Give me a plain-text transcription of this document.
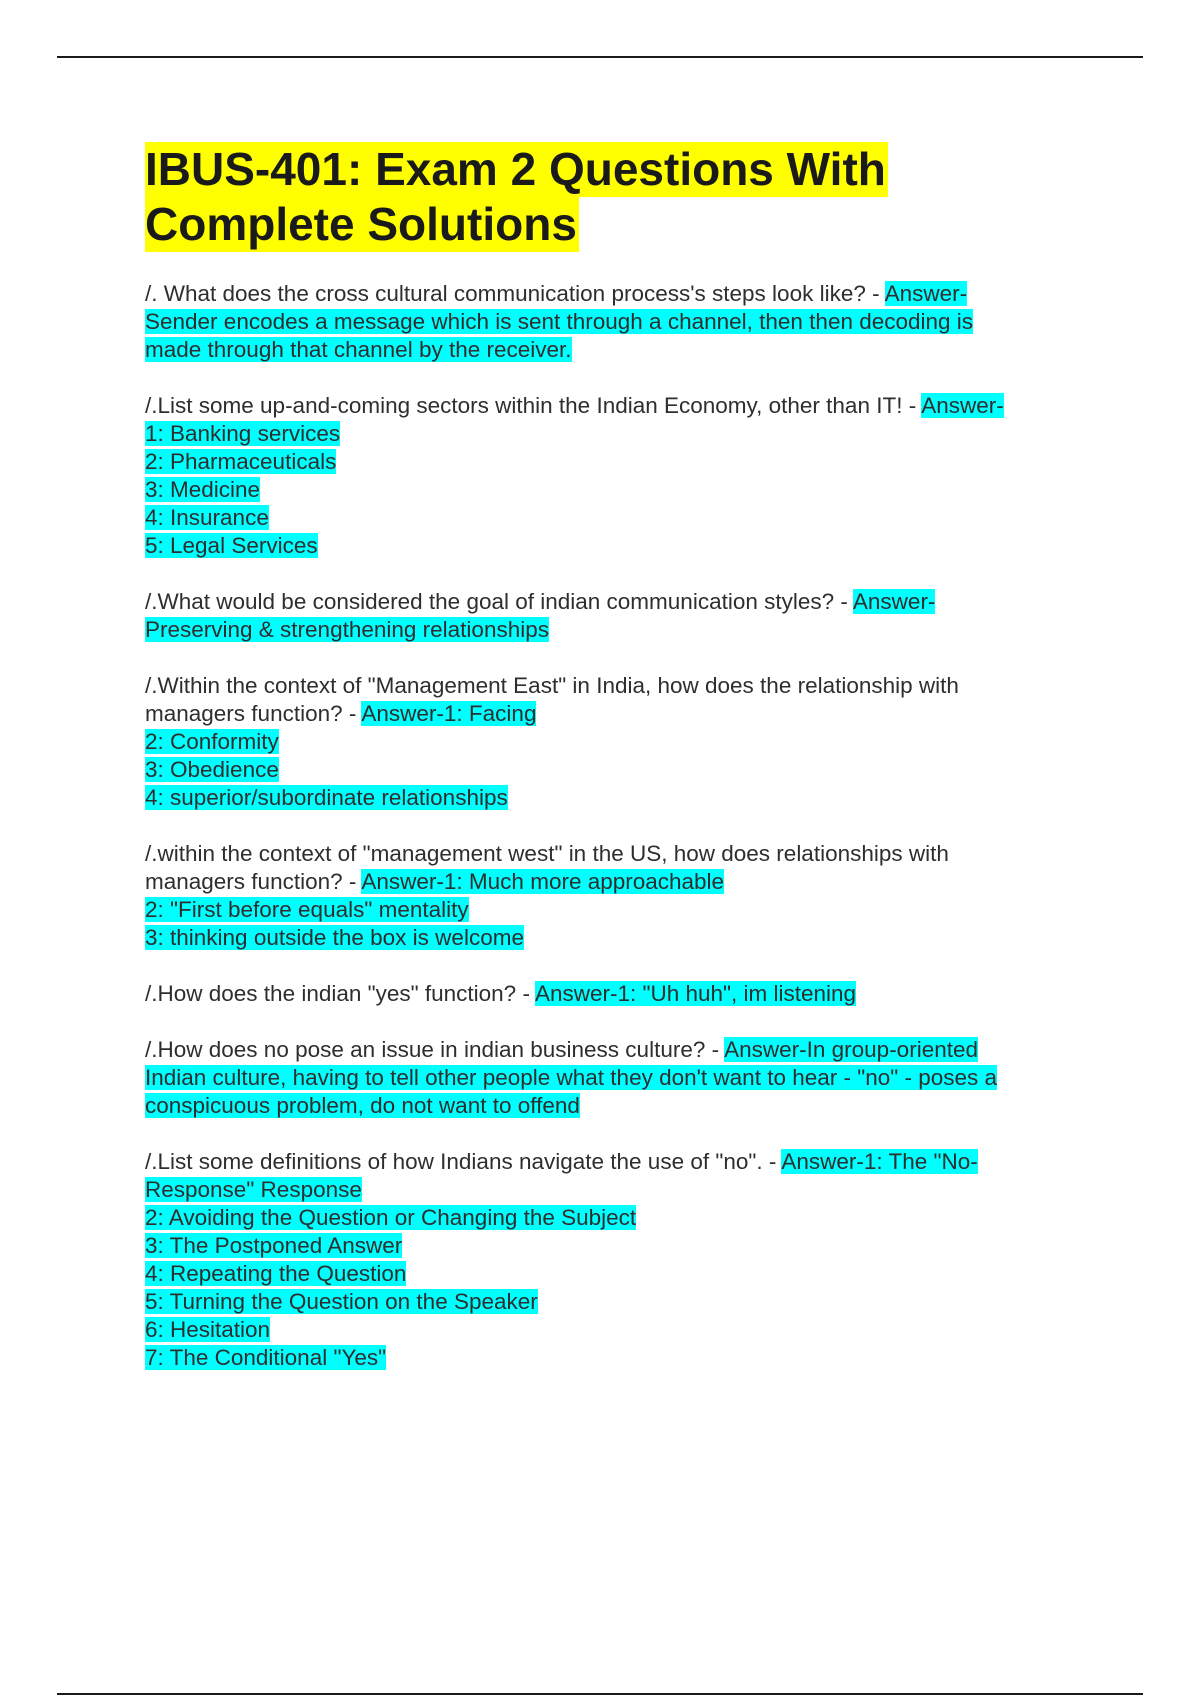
IBUS-401: Exam 2 Questions With
Complete Solutions
/. What does the cross cultural communication process's steps look like? - Answer-
Sender encodes a message which is sent through a channel, then then decoding is
made through that channel by the receiver.
/.List some up-and-coming sectors within the Indian Economy, other than IT! - Answer-
1: Banking services
2: Pharmaceuticals
3: Medicine
4: Insurance
5: Legal Services
/.What would be considered the goal of indian communication styles? - Answer-
Preserving & strengthening relationships
/.Within the context of "Management East" in India, how does the relationship with
managers function? - Answer-1: Facing
2: Conformity
3: Obedience
4: superior/subordinate relationships
/.within the context of "management west" in the US, how does relationships with
managers function? - Answer-1: Much more approachable
2: "First before equals" mentality
3: thinking outside the box is welcome
/.How does the indian "yes" function? - Answer-1: "Uh huh", im listening
/.How does no pose an issue in indian business culture? - Answer-In group-oriented
Indian culture, having to tell other people what they don't want to hear - "no" - poses a
conspicuous problem, do not want to offend
/.List some definitions of how Indians navigate the use of "no". - Answer-1: The "No-
Response" Response
2: Avoiding the Question or Changing the Subject
3: The Postponed Answer
4: Repeating the Question
5: Turning the Question on the Speaker
6: Hesitation
7: The Conditional "Yes"
